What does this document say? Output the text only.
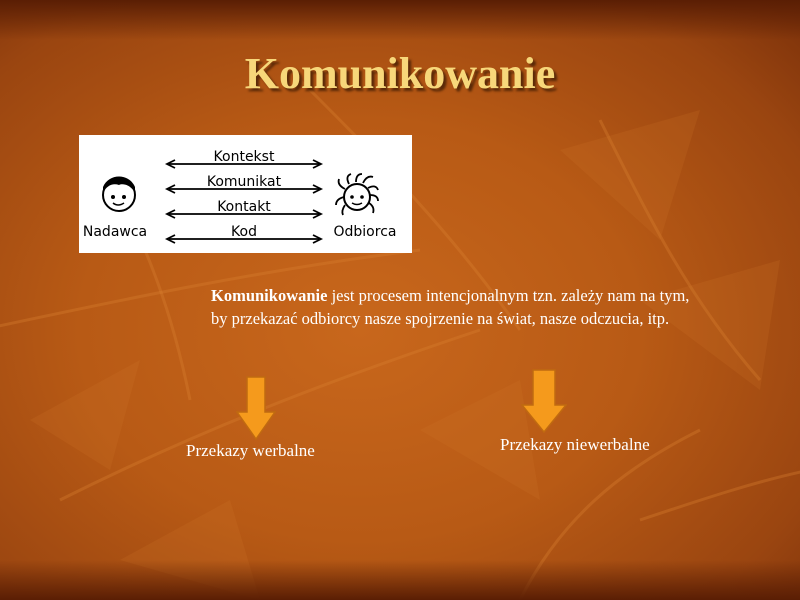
Komunikowanie
Kontekst
Komunikat
Kontakt
Kod
Nadawca	Odbiorca

Komunikowanie jest procesem intencjonalnym tzn. zależy nam na tym, by przekazać odbiorcy nasze spojrzenie na świat, nasze odczucia, itp.

Przekazy werbalne	Przekazy niewerbalne
